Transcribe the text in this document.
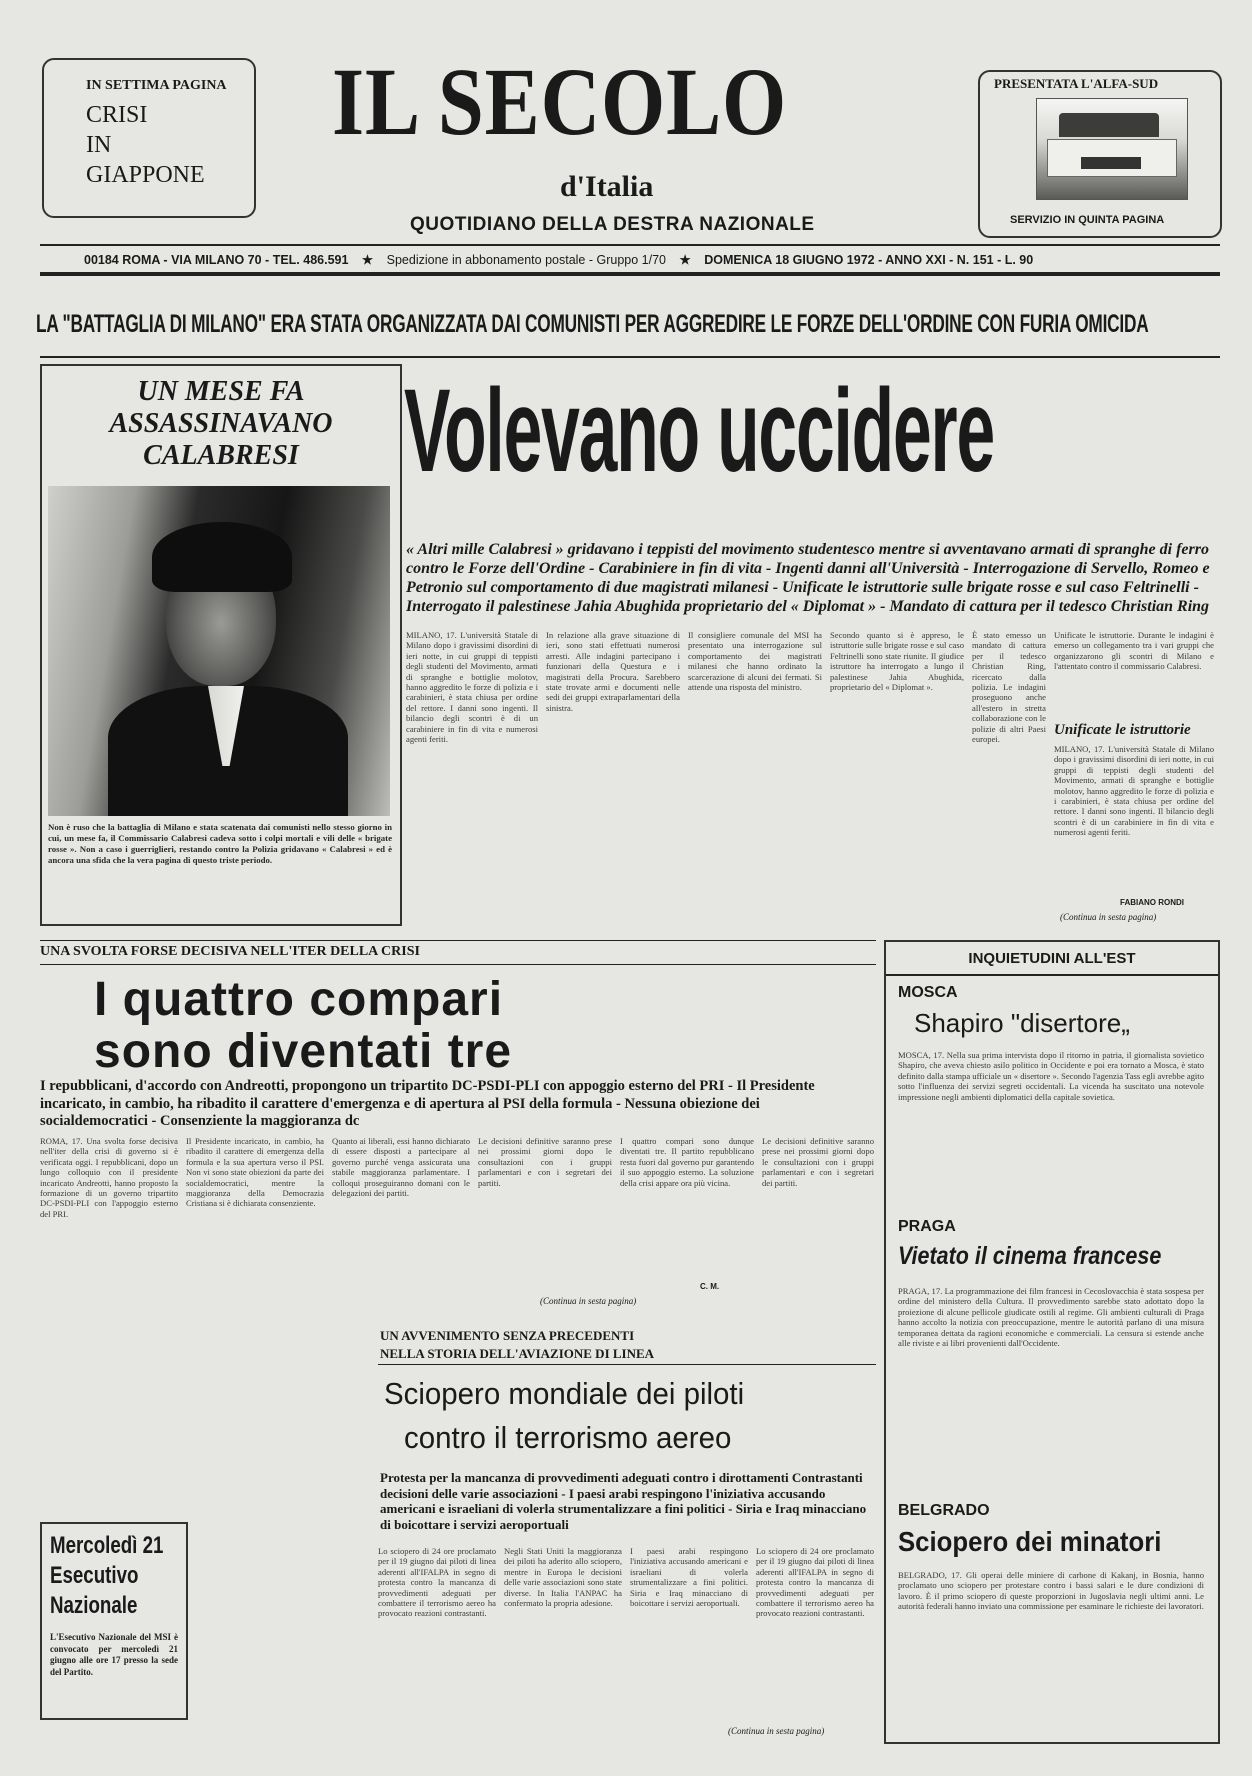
IN SETTIMA PAGINA
CRISI
IN
GIAPPONE
IL SECOLO
d'Italia
QUOTIDIANO DELLA DESTRA NAZIONALE
PRESENTATA L'ALFA-SUD
SERVIZIO IN QUINTA PAGINA
00184 ROMA - VIA MILANO 70 - TEL. 486.591 ★ Spedizione in abbonamento postale - Gruppo 1/70 ★ DOMENICA 18 GIUGNO 1972 - ANNO XXI - N. 151 - L. 90
LA "BATTAGLIA DI MILANO" ERA STATA ORGANIZZATA DAI COMUNISTI PER AGGREDIRE LE FORZE DELL'ORDINE CON FURIA OMICIDA
UN MESE FA
ASSASSINAVANO
CALABRESI
Non è ruso che la battaglia di Milano e stata scatenata dai comunisti nello stesso giorno in cui, un mese fa, il Commissario Calabresi cadeva sotto i colpi mortali e vili delle « brigate rosse ». Non a caso i guerriglieri, restando contro la Polizia gridavano « Calabresi » ed è ancora una sfida che la vera pagina di questo triste periodo.
Volevano uccidere
« Altri mille Calabresi » gridavano i teppisti del movimento studentesco mentre si avventavano armati di spranghe di ferro contro le Forze dell'Ordine - Carabiniere in fin di vita - Ingenti danni all'Università - Interrogazione di Servello, Romeo e Petronio sul comportamento di due magistrati milanesi - Unificate le istruttorie sulle brigate rosse e sul caso Feltrinelli - Interrogato il palestinese Jahia Abughida proprietario del « Diplomat » - Mandato di cattura per il tedesco Christian Ring
MILANO, 17. L'università Statale di Milano dopo i gravissimi disordini di ieri notte, in cui gruppi di teppisti degli studenti del Movimento, armati di spranghe e bottiglie molotov, hanno aggredito le forze di polizia e i carabinieri, è stata chiusa per ordine del rettore. I danni sono ingenti. Il bilancio degli scontri è di un carabiniere in fin di vita e numerosi agenti feriti.
In relazione alla grave situazione di ieri, sono stati effettuati numerosi arresti. Alle indagini partecipano i funzionari della Questura e i magistrati della Procura. Sarebbero state trovate armi e documenti nelle sedi dei gruppi extraparlamentari della sinistra.
Il consigliere comunale del MSI ha presentato una interrogazione sul comportamento dei magistrati milanesi che hanno ordinato la scarcerazione di alcuni dei fermati. Si attende una risposta del ministro.
Secondo quanto si è appreso, le istruttorie sulle brigate rosse e sul caso Feltrinelli sono state riunite. Il giudice istruttore ha interrogato a lungo il palestinese Jahia Abughida, proprietario del « Diplomat ».
È stato emesso un mandato di cattura per il tedesco Christian Ring, ricercato dalla polizia. Le indagini proseguono anche all'estero in stretta collaborazione con le polizie di altri Paesi europei.
Unificate le istruttorie. Durante le indagini è emerso un collegamento tra i vari gruppi che organizzarono gli scontri di Milano e l'attentato contro il commissario Calabresi.
Unificate le istruttorie
MILANO, 17. L'università Statale di Milano dopo i gravissimi disordini di ieri notte, in cui gruppi di teppisti degli studenti del Movimento, armati di spranghe e bottiglie molotov, hanno aggredito le forze di polizia e i carabinieri, è stata chiusa per ordine del rettore. I danni sono ingenti. Il bilancio degli scontri è di un carabiniere in fin di vita e numerosi agenti feriti.
FABIANO RONDI
(Continua in sesta pagina)
UNA SVOLTA FORSE DECISIVA NELL'ITER DELLA CRISI
I quattro compari
sono diventati tre
I repubblicani, d'accordo con Andreotti, propongono un tripartito DC-PSDI-PLI con appoggio esterno del PRI - Il Presidente incaricato, in cambio, ha ribadito il carattere d'emergenza e di apertura al PSI della formula - Nessuna obiezione dei socialdemocratici - Consenziente la maggioranza dc
ROMA, 17. Una svolta forse decisiva nell'iter della crisi di governo si è verificata oggi. I repubblicani, dopo un lungo colloquio con il presidente incaricato Andreotti, hanno proposto la formazione di un governo tripartito DC-PSDI-PLI con l'appoggio esterno del PRI.
Il Presidente incaricato, in cambio, ha ribadito il carattere di emergenza della formula e la sua apertura verso il PSI. Non vi sono state obiezioni da parte dei socialdemocratici, mentre la maggioranza della Democrazia Cristiana si è dichiarata consenziente.
Quanto ai liberali, essi hanno dichiarato di essere disposti a partecipare al governo purché venga assicurata una stabile maggioranza parlamentare. I colloqui proseguiranno domani con le delegazioni dei partiti.
Le decisioni definitive saranno prese nei prossimi giorni dopo le consultazioni con i gruppi parlamentari e con i segretari dei partiti.
I quattro compari sono dunque diventati tre. Il partito repubblicano resta fuori dal governo pur garantendo il suo appoggio esterno. La soluzione della crisi appare ora più vicina.
Le decisioni definitive saranno prese nei prossimi giorni dopo le consultazioni con i gruppi parlamentari e con i segretari dei partiti.
(Continua in sesta pagina)
C. M.
Mercoledì 21
Esecutivo
Nazionale
L'Esecutivo Nazionale del MSI è convocato per mercoledì 21 giugno alle ore 17 presso la sede del Partito.
UN AVVENIMENTO SENZA PRECEDENTI
NELLA STORIA DELL'AVIAZIONE DI LINEA
Sciopero mondiale dei piloti
contro il terrorismo aereo
Protesta per la mancanza di provvedimenti adeguati contro i dirottamenti Contrastanti decisioni delle varie associazioni - I paesi arabi respingono l'iniziativa accusando americani e israeliani di volerla strumentalizzare a fini politici - Siria e Iraq minacciano di boicottare i servizi aeroportuali
Lo sciopero di 24 ore proclamato per il 19 giugno dai piloti di linea aderenti all'IFALPA in segno di protesta contro la mancanza di provvedimenti adeguati per combattere il terrorismo aereo ha provocato reazioni contrastanti.
Negli Stati Uniti la maggioranza dei piloti ha aderito allo sciopero, mentre in Europa le decisioni delle varie associazioni sono state diverse. In Italia l'ANPAC ha confermato la propria adesione.
I paesi arabi respingono l'iniziativa accusando americani e israeliani di volerla strumentalizzare a fini politici. Siria e Iraq minacciano di boicottare i servizi aeroportuali.
Lo sciopero di 24 ore proclamato per il 19 giugno dai piloti di linea aderenti all'IFALPA in segno di protesta contro la mancanza di provvedimenti adeguati per combattere il terrorismo aereo ha provocato reazioni contrastanti.
(Continua in sesta pagina)
INQUIETUDINI ALL'EST
MOSCA
Shapiro "disertore„
MOSCA, 17. Nella sua prima intervista dopo il ritorno in patria, il giornalista sovietico Shapiro, che aveva chiesto asilo politico in Occidente e poi era tornato a Mosca, è stato definito dalla stampa ufficiale un « disertore ». Secondo l'agenzia Tass egli avrebbe agito sotto l'influenza dei servizi segreti occidentali. La vicenda ha suscitato una notevole impressione negli ambienti diplomatici della capitale sovietica.
PRAGA
Vietato il cinema francese
PRAGA, 17. La programmazione dei film francesi in Cecoslovacchia è stata sospesa per ordine del ministero della Cultura. Il provvedimento sarebbe stato adottato dopo la proiezione di alcune pellicole giudicate ostili al regime. Gli ambienti culturali di Praga hanno accolto la notizia con preoccupazione, mentre le autorità parlano di una misura temporanea dettata da ragioni economiche e commerciali. La censura si estende anche alle riviste e ai libri provenienti dall'Occidente.
BELGRADO
Sciopero dei minatori
BELGRADO, 17. Gli operai delle miniere di carbone di Kakanj, in Bosnia, hanno proclamato uno sciopero per protestare contro i bassi salari e le dure condizioni di lavoro. È il primo sciopero di queste proporzioni in Jugoslavia negli ultimi anni. Le autorità federali hanno inviato una commissione per esaminare le richieste dei lavoratori.
